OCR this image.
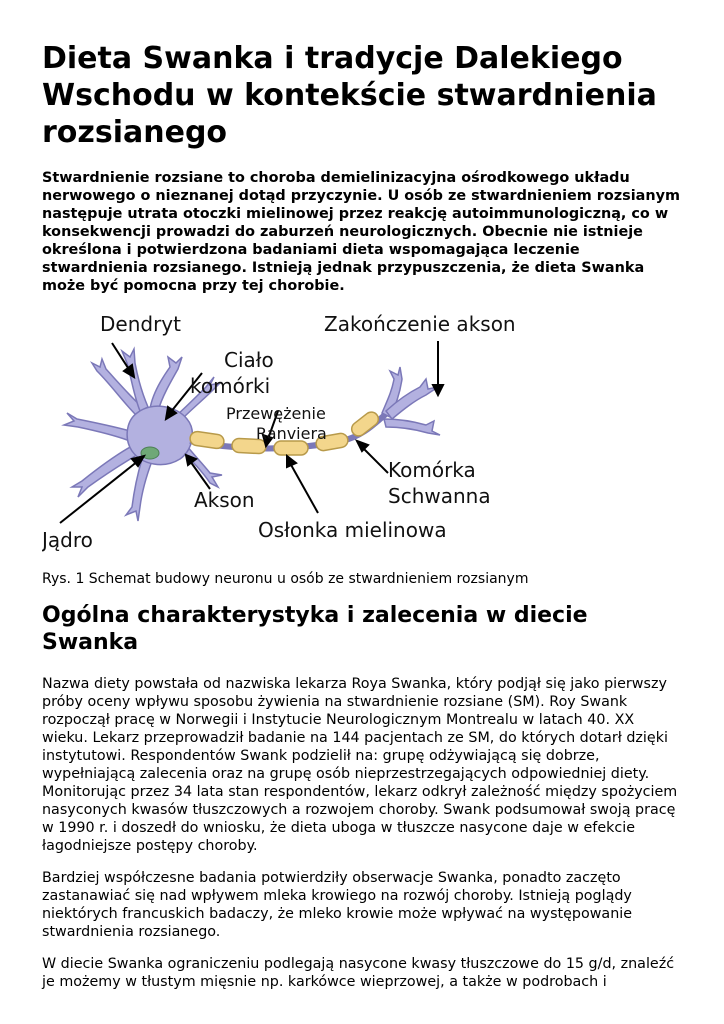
Dieta Swanka i tradycje Dalekiego Wschodu w kontekście stwardnienia rozsianego

Stwardnienie rozsiane to choroba demielinizacyjna ośrodkowego układu nerwowego o nieznanej dotąd przyczynie. U osób ze stwardnieniem rozsianym następuje utrata otoczki mielinowej przez reakcję autoimmunologiczną, co w konsekwencji prowadzi do zaburzeń neurologicznych. Obecnie nie istnieje określona i potwierdzona badaniami dieta wspomagająca leczenie stwardnienia rozsianego. Istnieją jednak przypuszczenia, że dieta Swanka może być pomocna przy tej chorobie.

Dendryt	Zakończenie akson
Ciało
komórki
Przewężenie
Ranviera
Komórka
Schwanna
Akson
Osłonka mielinowa
Jądro
Rys. 1 Schemat budowy neuronu u osób ze stwardnieniem rozsianym
Ogólna charakterystyka i zalecenia w diecie Swanka

Nazwa diety powstała od nazwiska lekarza Roya Swanka, który podjął się jako pierwszy próby oceny wpływu sposobu żywienia na stwardnienie rozsiane (SM). Roy Swank rozpoczął pracę w Norwegii i Instytucie Neurologicznym Montrealu w latach 40. XX wieku. Lekarz przeprowadził badanie na 144 pacjentach ze SM, do których dotarł dzięki instytutowi. Respondentów Swank podzielił na: grupę odżywiającą się dobrze, wypełniającą zalecenia oraz na grupę osób nieprzestrzegających odpowiedniej diety. Monitorując przez 34 lata stan respondentów, lekarz odkrył zależność między spożyciem nasyconych kwasów tłuszczowych a rozwojem choroby. Swank podsumował swoją pracę w 1990 r. i doszedł do wniosku, że dieta uboga w tłuszcze nasycone daje w efekcie łagodniejsze postępy choroby.

Bardziej współczesne badania potwierdziły obserwacje Swanka, ponadto zaczęto zastanawiać się nad wpływem mleka krowiego na rozwój choroby. Istnieją poglądy niektórych francuskich badaczy, że mleko krowie może wpływać na występowanie stwardnienia rozsianego.

W diecie Swanka ograniczeniu podlegają nasycone kwasy tłuszczowe do 15 g/d, znaleźć je możemy w tłustym mięsnie np. karkówce wieprzowej, a także w podrobach i
